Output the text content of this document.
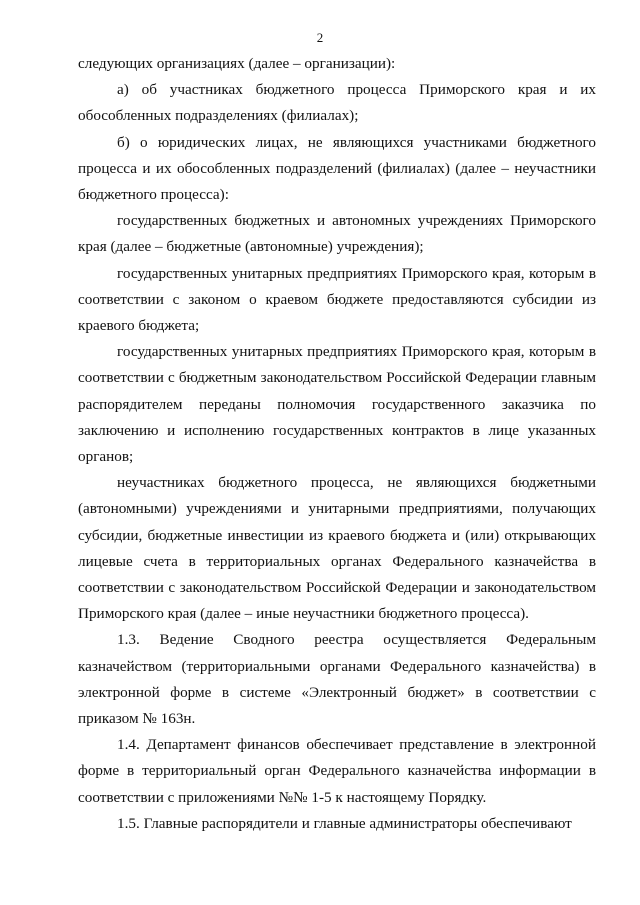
2
следующих организациях (далее – организации):
а) об участниках бюджетного процесса Приморского края и их
обособленных подразделениях (филиалах);
б) о юридических лицах, не являющихся участниками бюджетного
процесса и их обособленных подразделений (филиалах) (далее – неучастники
бюджетного процесса):
государственных бюджетных и автономных учреждениях Приморского
края (далее – бюджетные (автономные) учреждения);
государственных унитарных предприятиях Приморского края, которым в
соответствии с законом о краевом бюджете предоставляются субсидии из
краевого бюджета;
государственных унитарных предприятиях Приморского края, которым в
соответствии с бюджетным законодательством Российской Федерации главным
распорядителем переданы полномочия государственного заказчика по
заключению и исполнению государственных контрактов в лице указанных
органов;
неучастниках бюджетного процесса, не являющихся бюджетными
(автономными) учреждениями и унитарными предприятиями, получающих
субсидии, бюджетные инвестиции из краевого бюджета и (или) открывающих
лицевые счета в территориальных органах Федерального казначейства в
соответствии с законодательством Российской Федерации и законодательством
Приморского края (далее – иные неучастники бюджетного процесса).
1.3. Ведение Сводного реестра осуществляется Федеральным
казначейством (территориальными органами Федерального казначейства) в
электронной форме в системе «Электронный бюджет» в соответствии с
приказом № 163н.
1.4. Департамент финансов обеспечивает представление в электронной
форме в территориальный орган Федерального казначейства информации в
соответствии с приложениями №№ 1-5 к настоящему Порядку.
1.5. Главные распорядители и главные администраторы обеспечивают
